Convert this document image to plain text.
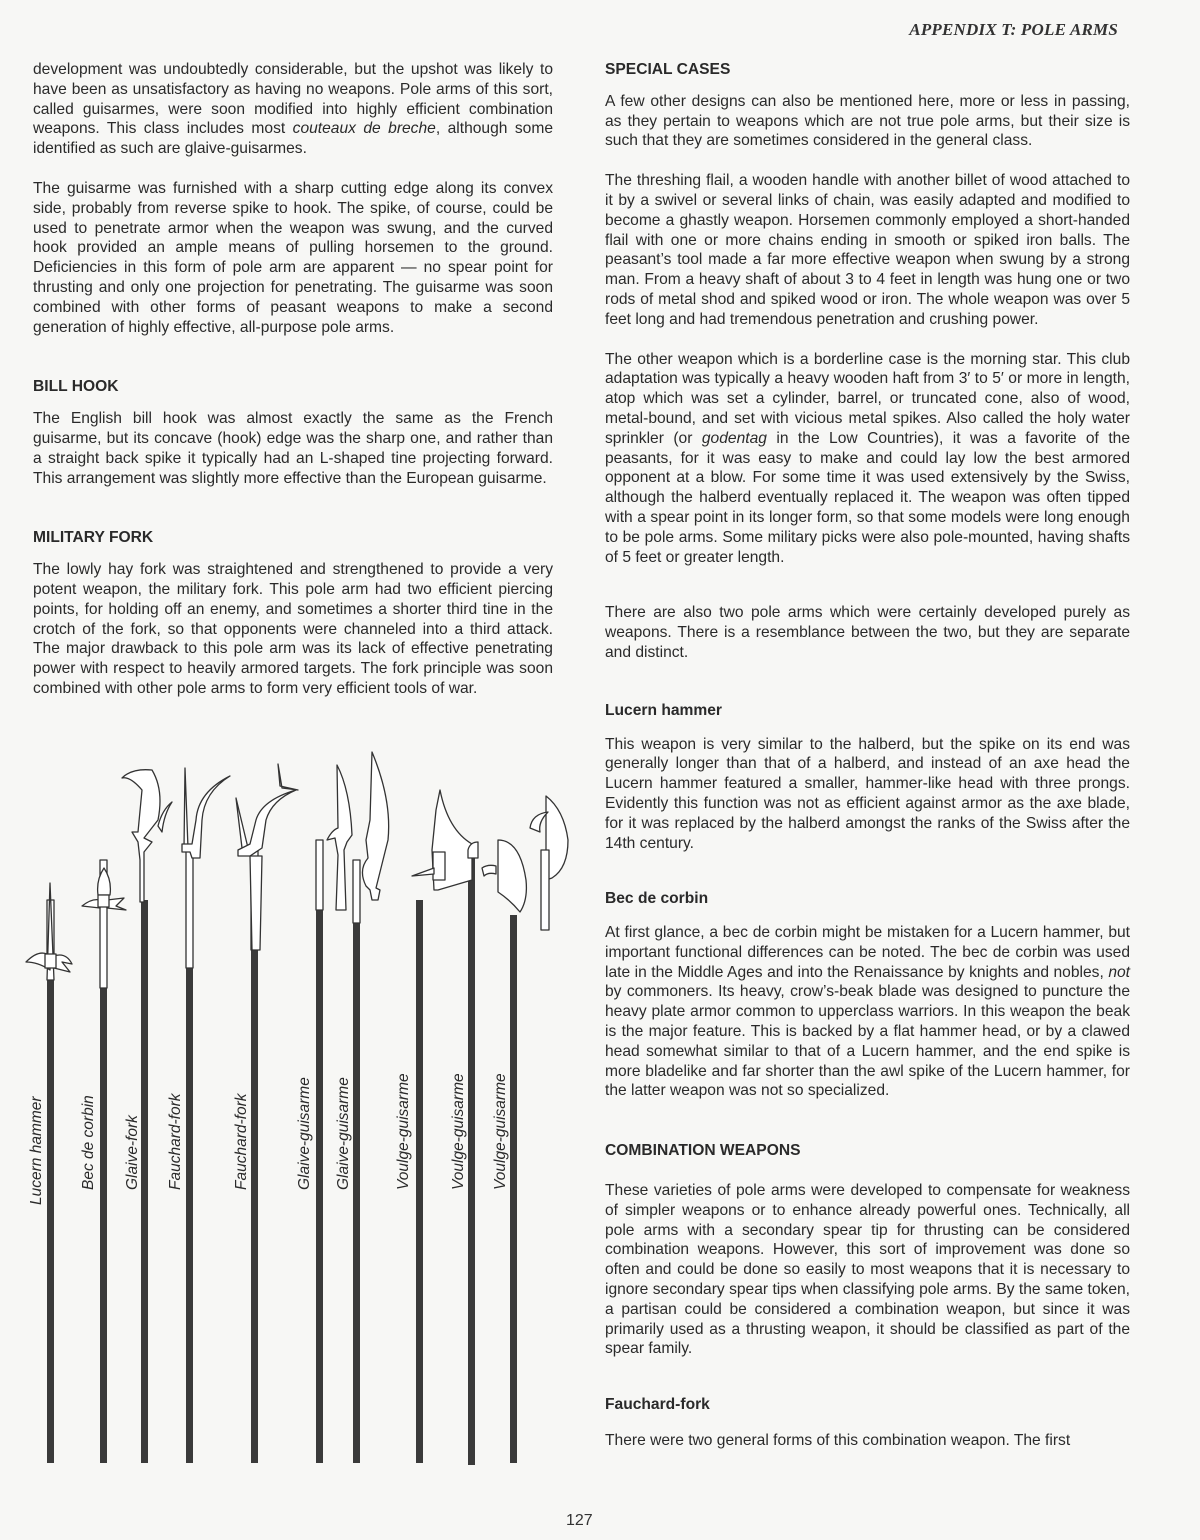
APPENDIX T: POLE ARMS

development was undoubtedly considerable, but the upshot was likely to have been as unsatisfactory as having no weapons. Pole arms of this sort, called guisarmes, were soon modified into highly efficient combination weapons. This class includes most couteaux de breche, although some identified as such are glaive-guisarmes.

The guisarme was furnished with a sharp cutting edge along its convex side, probably from reverse spike to hook. The spike, of course, could be used to penetrate armor when the weapon was swung, and the curved hook provided an ample means of pulling horsemen to the ground. Deficiencies in this form of pole arm are apparent — no spear point for thrusting and only one projection for penetrating. The guisarme was soon combined with other forms of peasant weapons to make a second generation of highly effective, all-purpose pole arms.

BILL HOOK

The English bill hook was almost exactly the same as the French guisarme, but its concave (hook) edge was the sharp one, and rather than a straight back spike it typically had an L-shaped tine projecting forward. This arrangement was slightly more effective than the European guisarme.

MILITARY FORK

The lowly hay fork was straightened and strengthened to provide a very potent weapon, the military fork. This pole arm had two efficient piercing points, for holding off an enemy, and sometimes a shorter third tine in the crotch of the fork, so that opponents were channeled into a third attack. The major drawback to this pole arm was its lack of effective penetrating power with respect to heavily armored targets. The fork principle was soon combined with other pole arms to form very efficient tools of war.

Lucern hammer Bec de corbin Glaive-fork Fauchard-fork	Fauchard-fork	Glaive-guisarme Glaive-guisarme	Voulge-guisarme Voulge-guisarme Voulge-guisarme
SPECIAL CASES

A few other designs can also be mentioned here, more or less in passing, as they pertain to weapons which are not true pole arms, but their size is such that they are sometimes considered in the general class.

The threshing flail, a wooden handle with another billet of wood attached to it by a swivel or several links of chain, was easily adapted and modified to become a ghastly weapon. Horsemen commonly employed a short-handed flail with one or more chains ending in smooth or spiked iron balls. The peasant’s tool made a far more effective weapon when swung by a strong man. From a heavy shaft of about 3 to 4 feet in length was hung one or two rods of metal shod and spiked wood or iron. The whole weapon was over 5 feet long and had tremendous penetration and crushing power.

The other weapon which is a borderline case is the morning star. This club adaptation was typically a heavy wooden haft from 3′ to 5′ or more in length, atop which was set a cylinder, barrel, or truncated cone, also of wood, metal-bound, and set with vicious metal spikes. Also called the holy water sprinkler (or godentag in the Low Countries), it was a favorite of the peasants, for it was easy to make and could lay low the best armored opponent at a blow. For some time it was used extensively by the Swiss, although the halberd eventually replaced it. The weapon was often tipped with a spear point in its longer form, so that some models were long enough to be pole arms. Some military picks were also pole-mounted, having shafts of 5 feet or greater length.

There are also two pole arms which were certainly developed purely as weapons. There is a resemblance between the two, but they are separate and distinct.

Lucern hammer

This weapon is very similar to the halberd, but the spike on its end was generally longer than that of a halberd, and instead of an axe head the Lucern hammer featured a smaller, hammer-like head with three prongs. Evidently this function was not as efficient against armor as the axe blade, for it was replaced by the halberd amongst the ranks of the Swiss after the 14th century.

Bec de corbin

At first glance, a bec de corbin might be mistaken for a Lucern hammer, but important functional differences can be noted. The bec de corbin was used late in the Middle Ages and into the Renaissance by knights and nobles, not by commoners. Its heavy, crow’s-beak blade was designed to puncture the heavy plate armor common to upperclass warriors. In this weapon the beak is the major feature. This is backed by a flat hammer head, or by a clawed head somewhat similar to that of a Lucern hammer, and the end spike is more bladelike and far shorter than the awl spike of the Lucern hammer, for the latter weapon was not so specialized.

COMBINATION WEAPONS

These varieties of pole arms were developed to compensate for weakness of simpler weapons or to enhance already powerful ones. Technically, all pole arms with a secondary spear tip for thrusting can be considered combination weapons. However, this sort of improvement was done so often and could be done so easily to most weapons that it is necessary to ignore secondary spear tips when classifying pole arms. By the same token, a partisan could be considered a combination weapon, but since it was primarily used as a thrusting weapon, it should be classified as part of the spear family.

Fauchard-fork

There were two general forms of this combination weapon. The first

127
